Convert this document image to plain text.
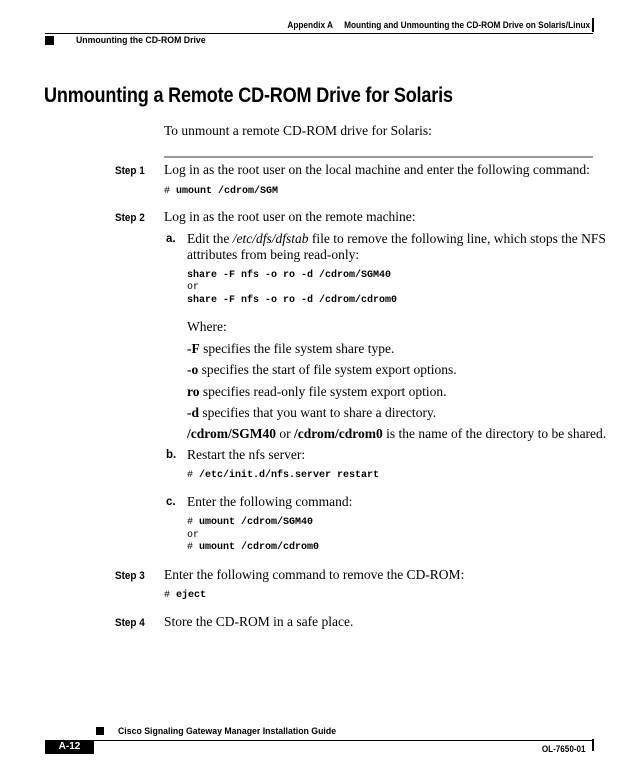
Appendix A Mounting and Unmounting the CD-ROM Drive on Solaris/Linux
Unmounting the CD-ROM Drive
Unmounting a Remote CD-ROM Drive for Solaris
To unmount a remote CD-ROM drive for Solaris:
Step 1 Log in as the root user on the local machine and enter the following command:
# umount /cdrom/SGM
Step 2 Log in as the root user on the remote machine:
a. Edit the /etc/dfs/dfstab file to remove the following line, which stops the NFS
attributes from being read-only:
share -F nfs -o ro -d /cdrom/SGM40
or
share -F nfs -o ro -d /cdrom/cdrom0
Where:
-F specifies the file system share type.
-o specifies the start of file system export options.
ro specifies read-only file system export option.
-d specifies that you want to share a directory.
/cdrom/SGM40 or /cdrom/cdrom0 is the name of the directory to be shared.
b. Restart the nfs server:
# /etc/init.d/nfs.server restart
c. Enter the following command:
# umount /cdrom/SGM40
or
# umount /cdrom/cdrom0
Step 3 Enter the following command to remove the CD-ROM:
# eject
Step 4 Store the CD-ROM in a safe place.
Cisco Signaling Gateway Manager Installation Guide
A-12	OL-7650-01
